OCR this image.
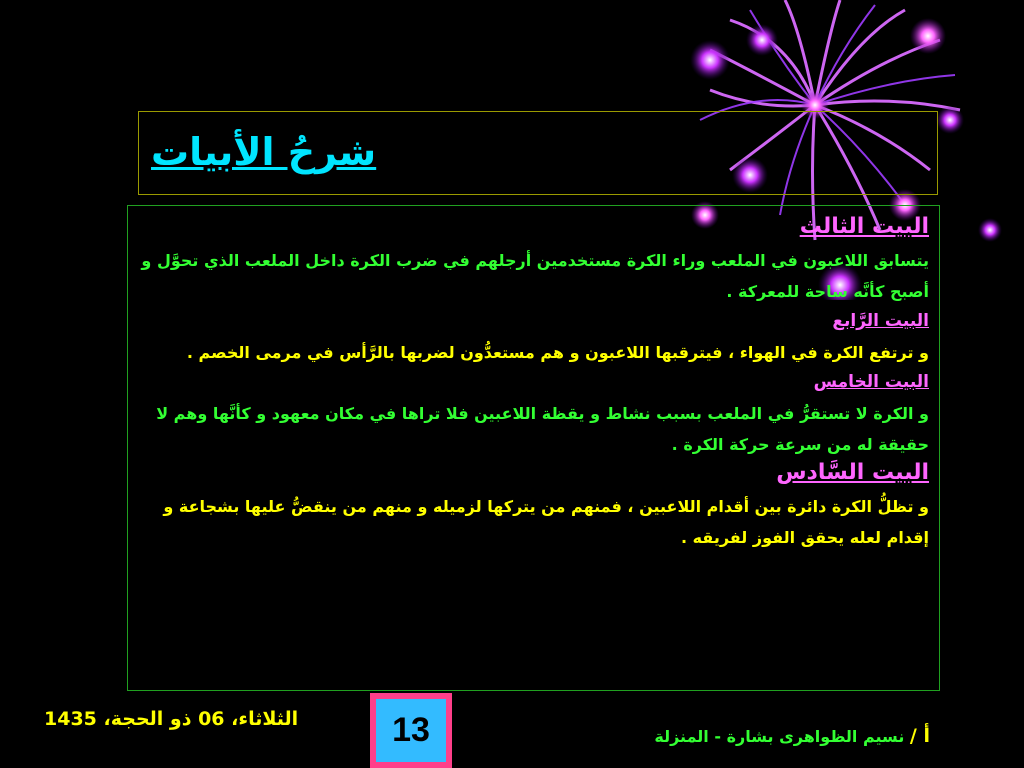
شرحُ الأبيات
البيت الثالث

يتسابق اللاعبون في الملعب وراء الكرة مستخدمين أرجلهم في ضرب الكرة داخل الملعب الذي تحوَّل و أصبح كأنَّه ساحة للمعركة .

البيت الرَّابع

و ترتفع الكرة في الهواء ، فيترقبها اللاعبون و هم مستعدُّون لضربها بالرَّأس في مرمى الخصم .

البيت الخامس

و الكرة لا تستقرُّ في الملعب بسبب نشاط و يقظة اللاعبين فلا تراها في مكان معهود و كأنَّها وهم لا حقيقة له من سرعة حركة الكرة .

البيت السَّادس

و تظلُّ الكرة دائرة بين أقدام اللاعبين ، فمنهم من يتركها لزميله و منهم من ينقضُّ عليها بشجاعة و إقدام لعله يحقق الفوز لفريقه .

الثلاثاء، 06 ذو الحجة، 1435	13	أ / نسيم الظواهرى بشارة - المنزلة
